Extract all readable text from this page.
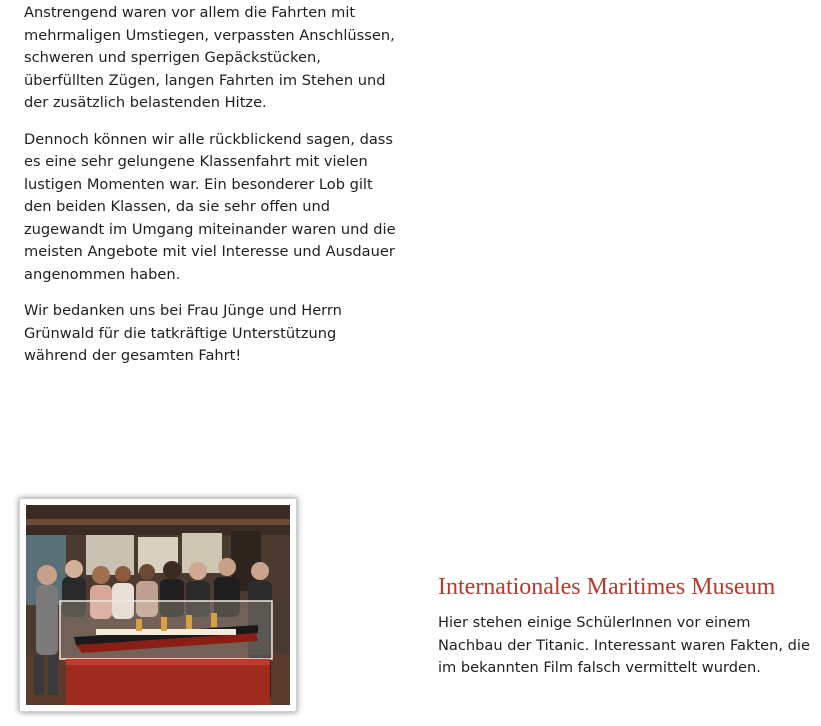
Anstrengend waren vor allem die Fahrten mit mehrmaligen Umstiegen, verpassten Anschlüssen, schweren und sperrigen Gepäckstücken, überfüllten Zügen, langen Fahrten im Stehen und der zusätzlich belastenden Hitze.

Dennoch können wir alle rückblickend sagen, dass es eine sehr gelungene Klassenfahrt mit vielen lustigen Momenten war. Ein besonderer Lob gilt den beiden Klassen, da sie sehr offen und zugewandt im Umgang miteinander waren und die meisten Angebote mit viel Interesse und Ausdauer angenommen haben.

Wir bedanken uns bei Frau Jünge und Herrn Grünwald für die tatkräftige Unterstützung während der gesamten Fahrt!

Internationales Maritimes Museum

Hier stehen einige SchülerInnen vor einem Nachbau der Titanic. Interessant waren Fakten, die im bekannten Film falsch vermittelt wurden.
